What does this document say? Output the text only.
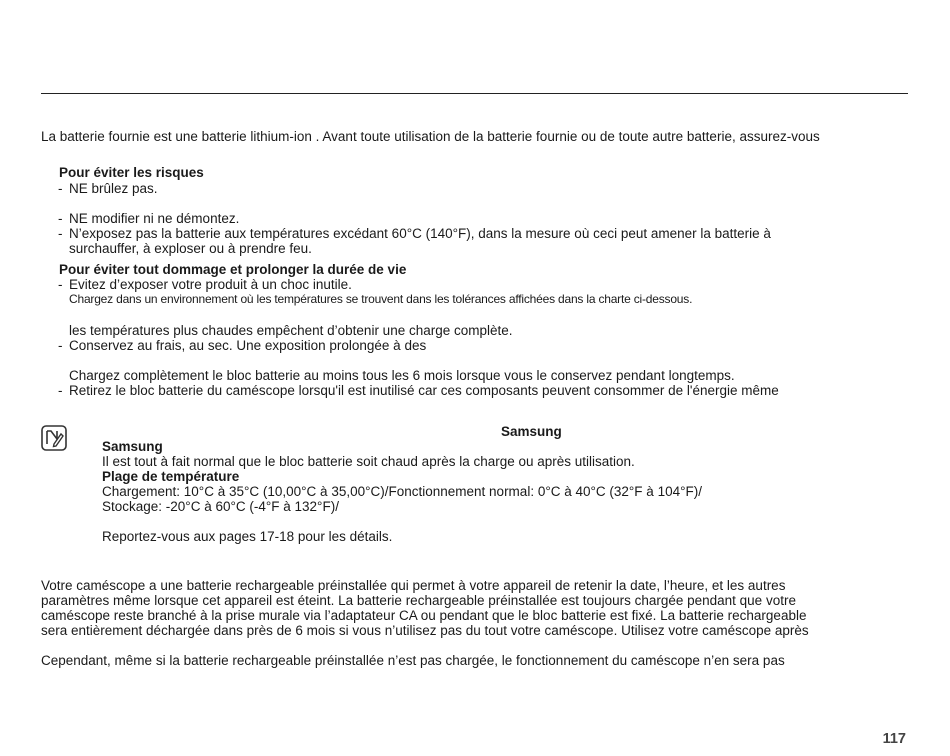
La batterie fournie est une batterie lithium-ion . Avant toute utilisation de la batterie fournie ou de toute autre batterie, assurez-vous
Pour éviter les risques
- NE brûlez pas.
- NE modifier ni ne démontez.
- N’exposez pas la batterie aux températures excédant 60°C (140°F), dans la mesure où ceci peut amener la batterie à
surchauffer, à exploser ou à prendre feu.
Pour éviter tout dommage et prolonger la durée de vie
- Evitez d’exposer votre produit à un choc inutile.
Chargez dans un environnement où les températures se trouvent dans les tolérances affichées dans la charte ci-dessous.
les températures plus chaudes empêchent d’obtenir une charge complète.
- Conservez au frais, au sec. Une exposition prolongée à des
Chargez complètement le bloc batterie au moins tous les 6 mois lorsque vous le conservez pendant longtemps.
- Retirez le bloc batterie du caméscope lorsqu'il est inutilisé car ces composants peuvent consommer de l'énergie même
Samsung
Samsung
Il est tout à fait normal que le bloc batterie soit chaud après la charge ou après utilisation.
Plage de température
Chargement: 10°C à 35°C (10,00°C à 35,00°C)/Fonctionnement normal: 0°C à 40°C (32°F à 104°F)/
Stockage: -20°C à 60°C (-4°F à 132°F)/
Reportez-vous aux pages 17-18 pour les détails.
Votre caméscope a une batterie rechargeable préinstallée qui permet à votre appareil de retenir la date, l’heure, et les autres
paramètres même lorsque cet appareil est éteint. La batterie rechargeable préinstallée est toujours chargée pendant que votre
caméscope reste branché à la prise murale via l’adaptateur CA ou pendant que le bloc batterie est fixé. La batterie rechargeable
sera entièrement déchargée dans près de 6 mois si vous n’utilisez pas du tout votre caméscope. Utilisez votre caméscope après
Cependant, même si la batterie rechargeable préinstallée n’est pas chargée, le fonctionnement du caméscope n’en sera pas
117
